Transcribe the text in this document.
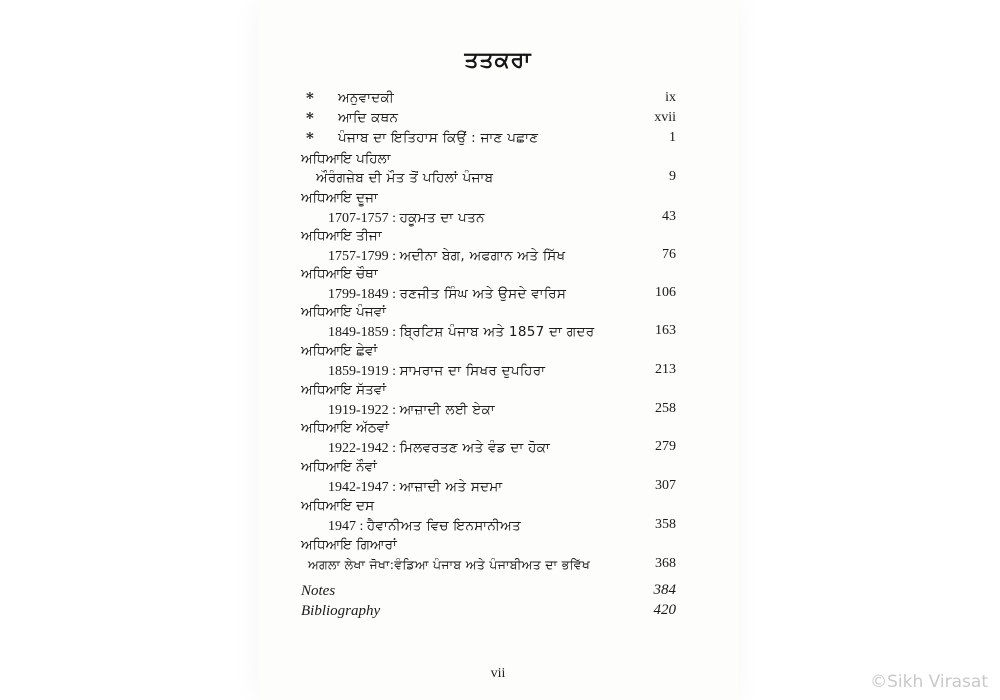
ਤਤਕਰਾ
* ਅਨੁਵਾਦਕੀ	ix
* ਆਦਿ ਕਥਨ	xvii
* ਪੰਜਾਬ ਦਾ ਇਤਿਹਾਸ ਕਿਉਂ : ਜਾਣ ਪਛਾਣ	1
ਅਧਿਆਇ ਪਹਿਲਾ
ਔਰੰਗਜ਼ੇਬ ਦੀ ਮੌਤ ਤੋਂ ਪਹਿਲਾਂ ਪੰਜਾਬ	9
ਅਧਿਆਇ ਦੂਜਾ
1707-1757 : ਹਕੂਮਤ ਦਾ ਪਤਨ	43
ਅਧਿਆਇ ਤੀਜਾ
1757-1799 : ਅਦੀਨਾ ਬੇਗ, ਅਫਗਾਨ ਅਤੇ ਸਿੱਖ	76
ਅਧਿਆਇ ਚੌਥਾ
1799-1849 : ਰਣਜੀਤ ਸਿੰਘ ਅਤੇ ਉਸਦੇ ਵਾਰਿਸ	106
ਅਧਿਆਇ ਪੰਜਵਾਂ
1849-1859 : ਬ੍ਰਿਟਿਸ਼ ਪੰਜਾਬ ਅਤੇ 1857 ਦਾ ਗਦਰ	163
ਅਧਿਆਇ ਛੇਵਾਂ
1859-1919 : ਸਾਮਰਾਜ ਦਾ ਸਿਖਰ ਦੁਪਹਿਰਾ	213
ਅਧਿਆਇ ਸੱਤਵਾਂ
1919-1922 : ਆਜ਼ਾਦੀ ਲਈ ਏਕਾ	258
ਅਧਿਆਇ ਅੱਠਵਾਂ
1922-1942 : ਮਿਲਵਰਤਣ ਅਤੇ ਵੰਡ ਦਾ ਹੋਕਾ	279
ਅਧਿਆਇ ਨੌਵਾਂ
1942-1947 : ਆਜ਼ਾਦੀ ਅਤੇ ਸਦਮਾ	307
ਅਧਿਆਇ ਦਸ
1947 : ਹੈਵਾਨੀਅਤ ਵਿਚ ਇਨਸਾਨੀਅਤ	358
ਅਧਿਆਇ ਗਿਆਰਾਂ
ਅਗਲਾ ਲੇਖਾ ਜੋਖਾ:ਵੰਡਿਆ ਪੰਜਾਬ ਅਤੇ ਪੰਜਾਬੀਅਤ ਦਾ ਭਵਿੱਖ	368
Notes	384
Bibliography	420
vii	©Sikh Virasat
